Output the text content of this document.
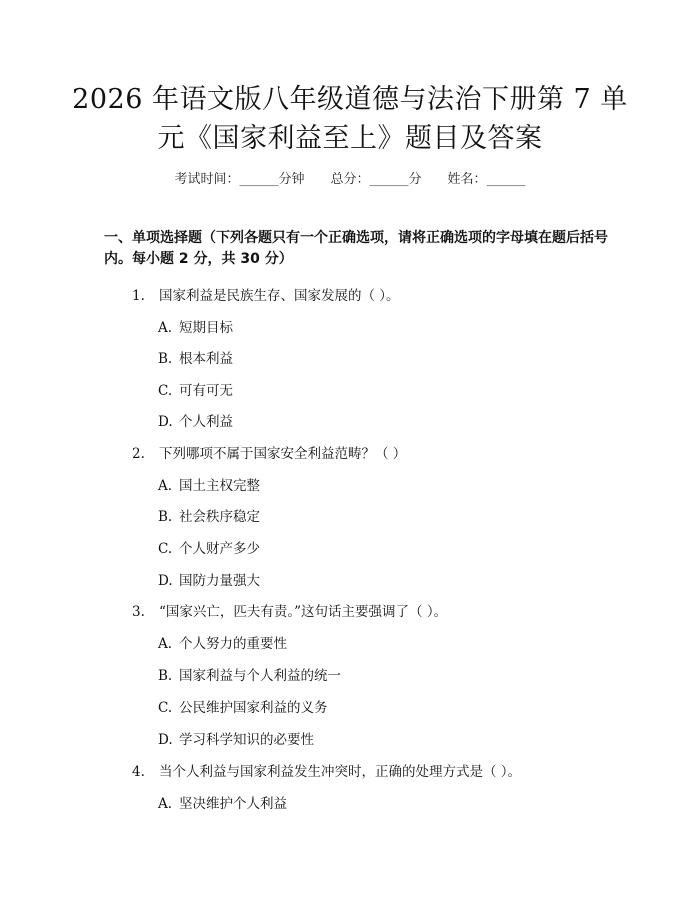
2026 年语文版八年级道德与法治下册第 7 单
元《国家利益至上》题目及答案
考试时间：______分钟 总分：______分 姓名：______
一、单项选择题（下列各题只有一个正确选项，请将正确选项的字母填在题后括号内。每小题 2 分，共 30 分）
1. 国家利益是民族生存、国家发展的（ ）。
A. 短期目标
B. 根本利益
C. 可有可无
D. 个人利益
2. 下列哪项不属于国家安全利益范畴？（ ）
A. 国土主权完整
B. 社会秩序稳定
C. 个人财产多少
D. 国防力量强大
3. “国家兴亡，匹夫有责。”这句话主要强调了（ ）。
A. 个人努力的重要性
B. 国家利益与个人利益的统一
C. 公民维护国家利益的义务
D. 学习科学知识的必要性
4. 当个人利益与国家利益发生冲突时，正确的处理方式是（ ）。
A. 坚决维护个人利益
